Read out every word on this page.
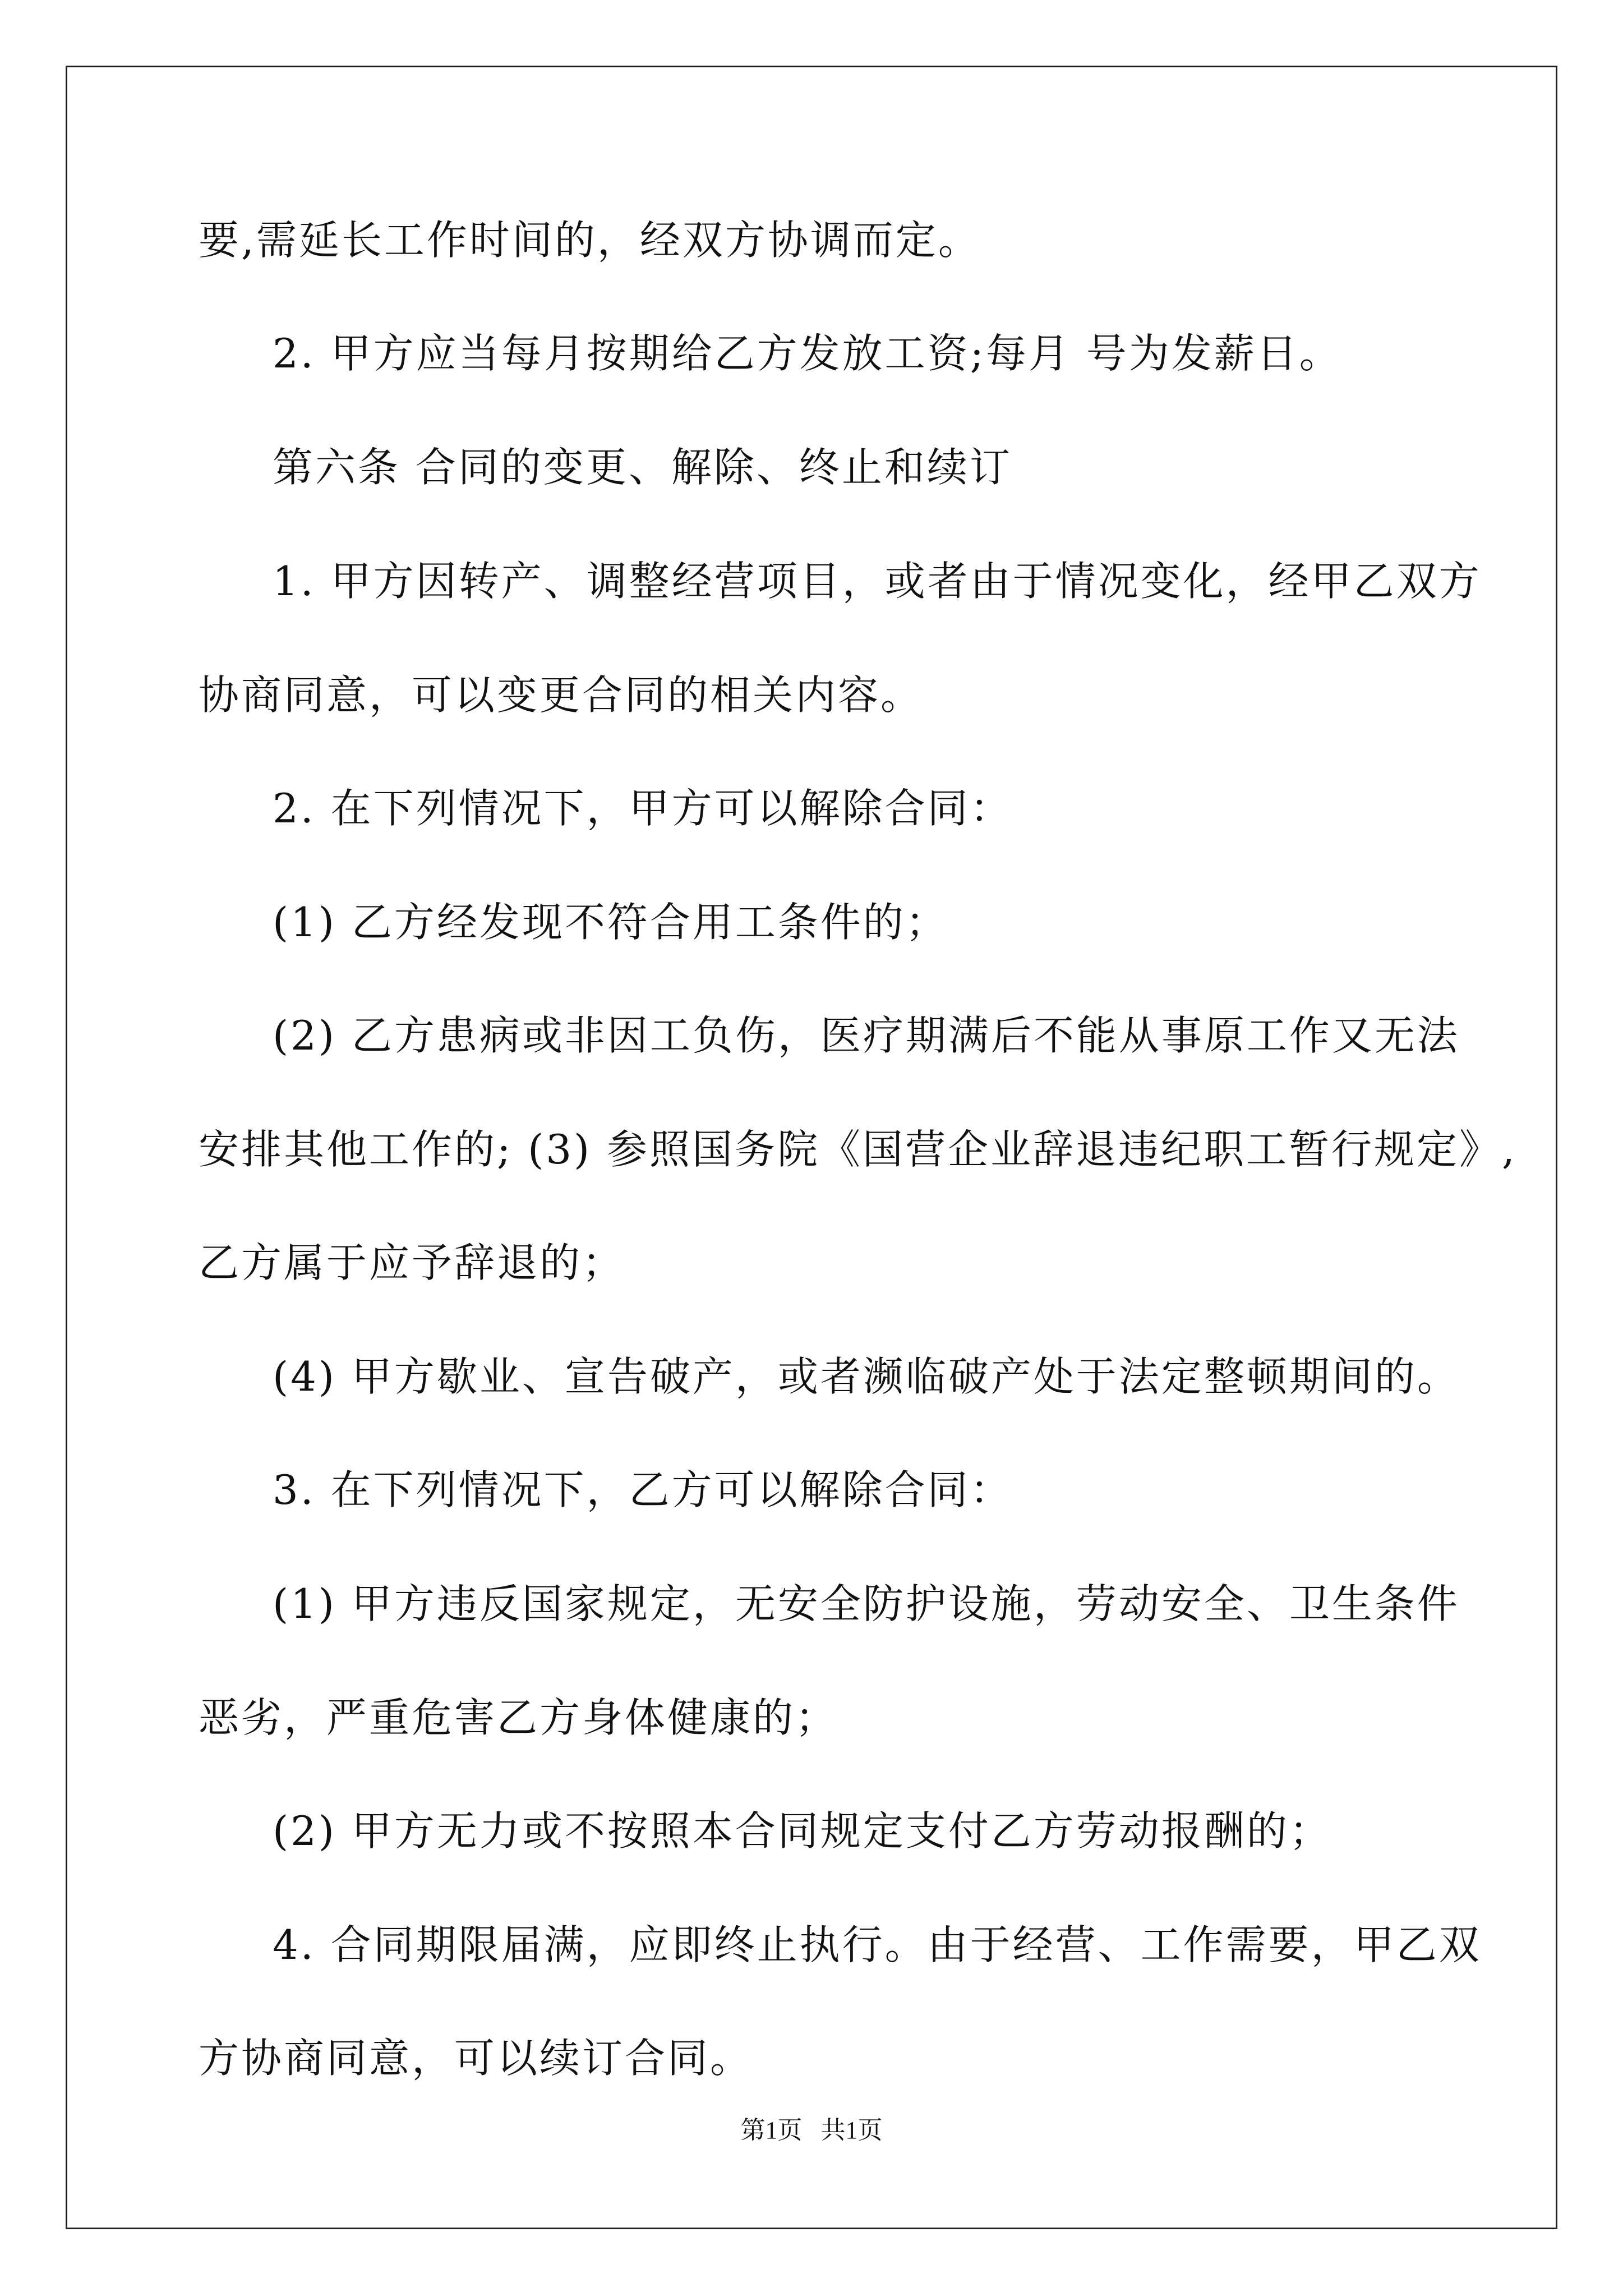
要,需延长工作时间的，经双方协调而定。
2. 甲方应当每月按期给乙方发放工资;每月 号为发薪日。
第六条 合同的变更、解除、终止和续订
1. 甲方因转产、调整经营项目，或者由于情况变化，经甲乙双方
协商同意，可以变更合同的相关内容。
2. 在下列情况下，甲方可以解除合同：
(1) 乙方经发现不符合用工条件的；
(2) 乙方患病或非因工负伤，医疗期满后不能从事原工作又无法
安排其他工作的; (3) 参照国务院《国营企业辞退违纪职工暂行规定》,
乙方属于应予辞退的；
(4) 甲方歇业、宣告破产，或者濒临破产处于法定整顿期间的。
3. 在下列情况下，乙方可以解除合同：
(1) 甲方违反国家规定，无安全防护设施，劳动安全、卫生条件
恶劣，严重危害乙方身体健康的；
(2) 甲方无力或不按照本合同规定支付乙方劳动报酬的；
4. 合同期限届满，应即终止执行。由于经营、工作需要，甲乙双
方协商同意，可以续订合同。
第1页   共1页
